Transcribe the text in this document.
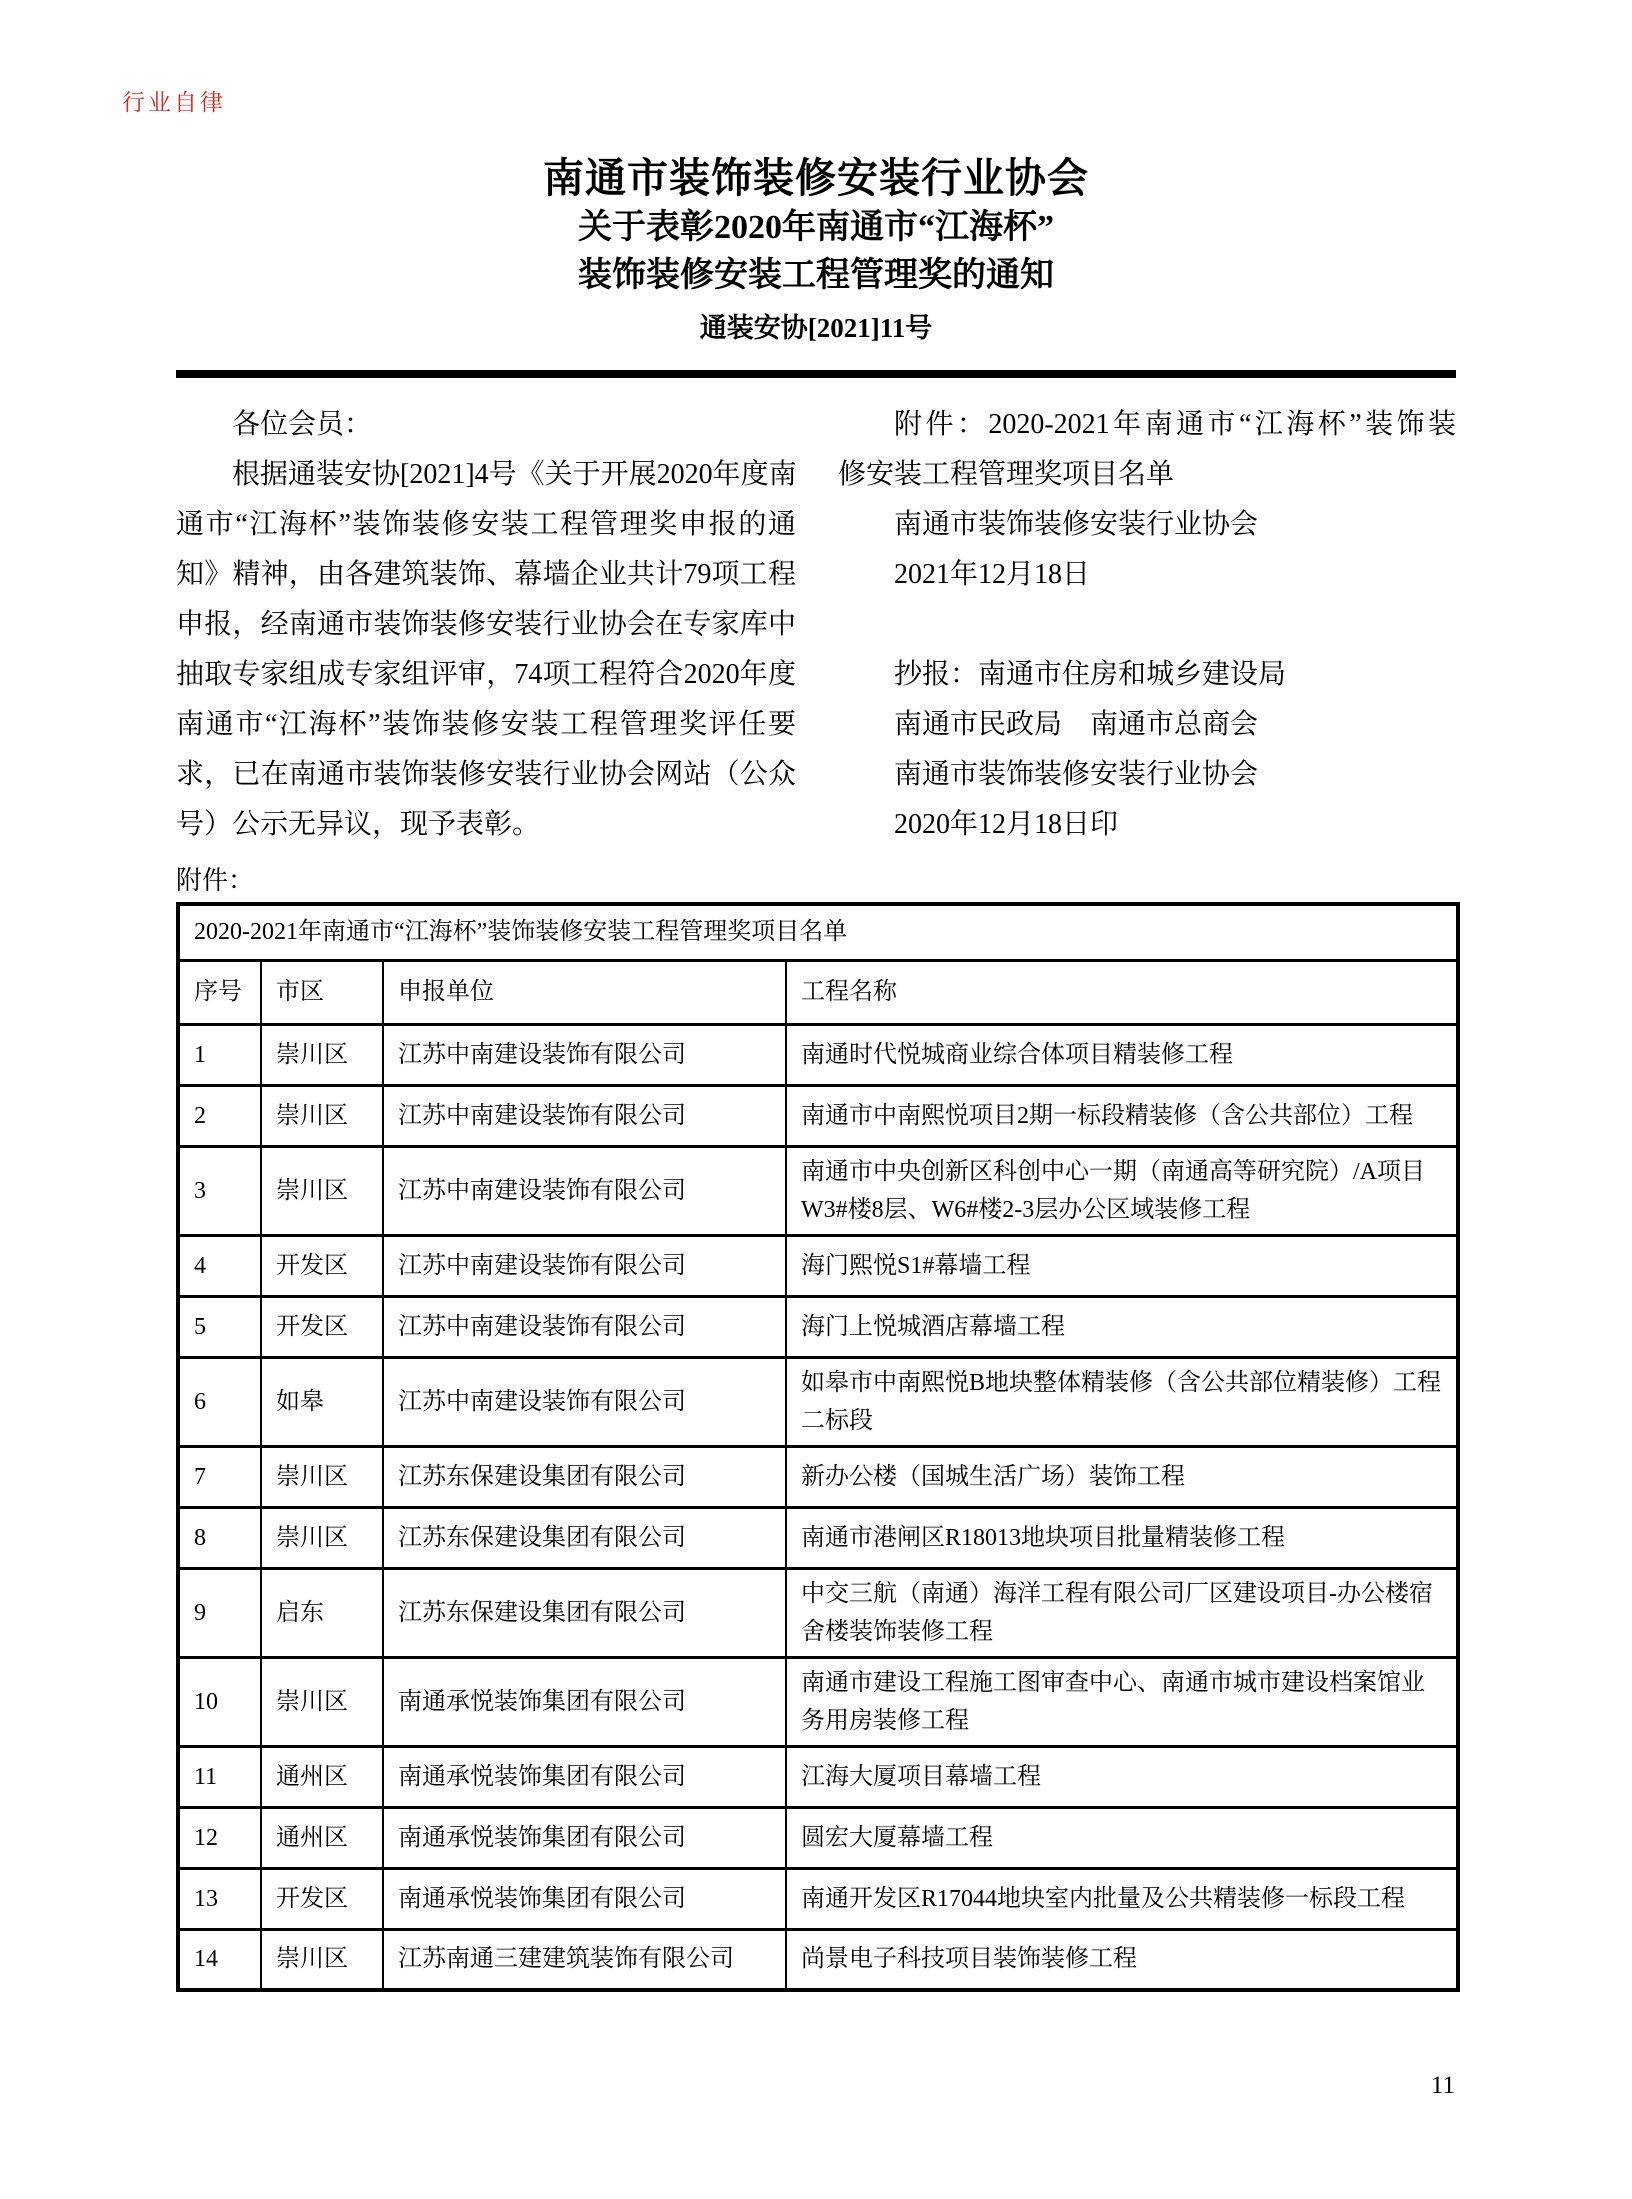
行业自律
南通市装饰装修安装行业协会
关于表彰2020年南通市“江海杯”
装饰装修安装工程管理奖的通知
通装安协[2021]11号
各位会员：
根据通装安协[2021]4号《关于开展2020年度南
通市“江海杯”装饰装修安装工程管理奖申报的通
知》精神，由各建筑装饰、幕墙企业共计79项工程
申报，经南通市装饰装修安装行业协会在专家库中
抽取专家组成专家组评审，74项工程符合2020年度
南通市“江海杯”装饰装修安装工程管理奖评任要
求，已在南通市装饰装修安装行业协会网站（公众
号）公示无异议，现予表彰。
附件：2020-2021年南通市“江海杯”装饰装
修安装工程管理奖项目名单
南通市装饰装修安装行业协会
2021年12月18日

抄报：南通市住房和城乡建设局
南通市民政局　南通市总商会
南通市装饰装修安装行业协会
2020年12月18日印
附件：
2020-2021年南通市“江海杯”装饰装修安装工程管理奖项目名单			
序号	市区	申报单位	工程名称
1	崇川区	江苏中南建设装饰有限公司	南通时代悦城商业综合体项目精装修工程
2	崇川区	江苏中南建设装饰有限公司	南通市中南熙悦项目2期一标段精装修（含公共部位）工程
3	崇川区	江苏中南建设装饰有限公司	南通市中央创新区科创中心一期（南通高等研究院）/A项目W3#楼8层、W6#楼2-3层办公区域装修工程
4	开发区	江苏中南建设装饰有限公司	海门熙悦S1#幕墙工程
5	开发区	江苏中南建设装饰有限公司	海门上悦城酒店幕墙工程
6	如皋	江苏中南建设装饰有限公司	如皋市中南熙悦B地块整体精装修（含公共部位精装修）工程二标段
7	崇川区	江苏东保建设集团有限公司	新办公楼（国城生活广场）装饰工程
8	崇川区	江苏东保建设集团有限公司	南通市港闸区R18013地块项目批量精装修工程
9	启东	江苏东保建设集团有限公司	中交三航（南通）海洋工程有限公司厂区建设项目-办公楼宿舍楼装饰装修工程
10	崇川区	南通承悦装饰集团有限公司	南通市建设工程施工图审查中心、南通市城市建设档案馆业务用房装修工程
11	通州区	南通承悦装饰集团有限公司	江海大厦项目幕墙工程
12	通州区	南通承悦装饰集团有限公司	圆宏大厦幕墙工程
13	开发区	南通承悦装饰集团有限公司	南通开发区R17044地块室内批量及公共精装修一标段工程
14	崇川区	江苏南通三建建筑装饰有限公司	尚景电子科技项目装饰装修工程
11
